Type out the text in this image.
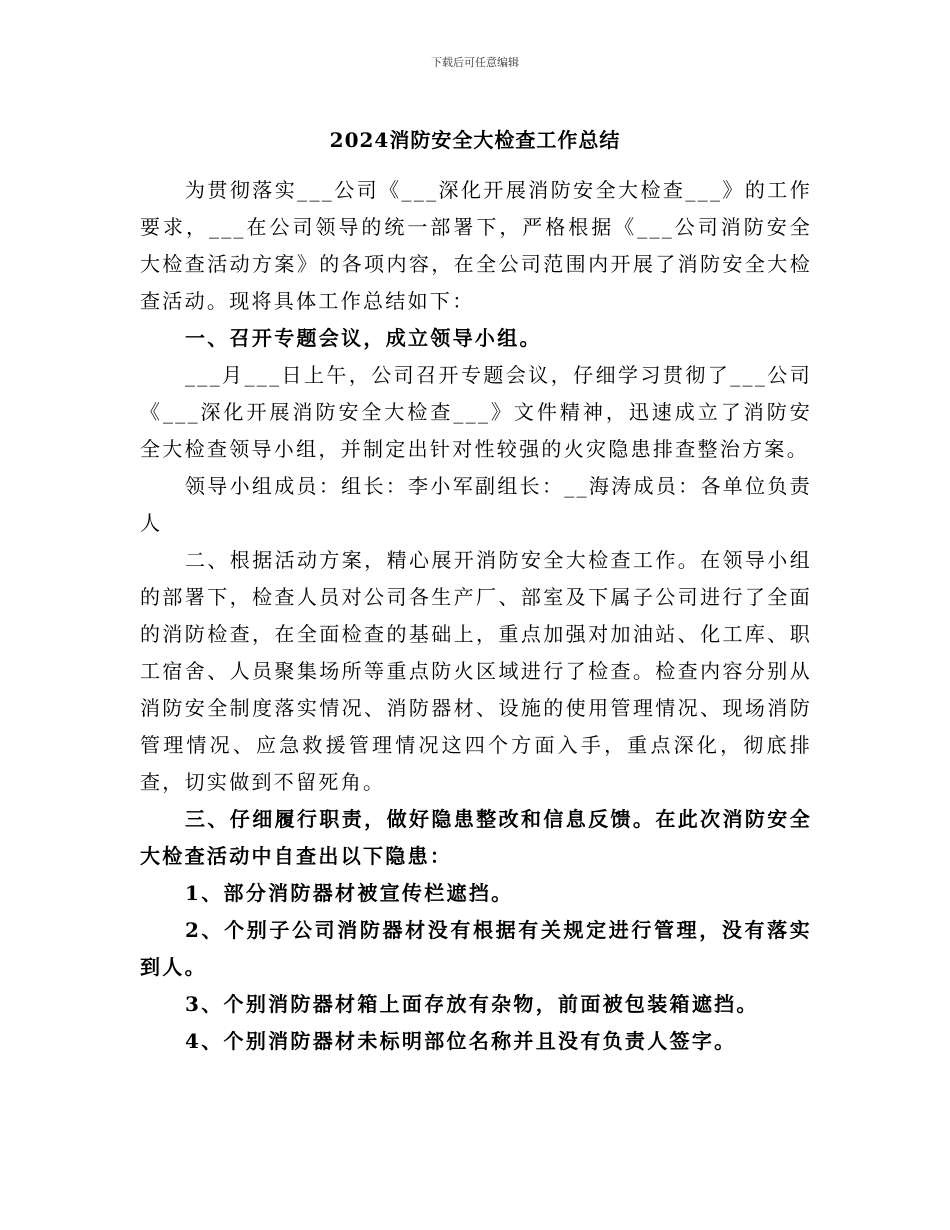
下载后可任意编辑
2024消防安全大检查工作总结

为贯彻落实___公司《___深化开展消防安全大检查___》的工作要求，___在公司领导的统一部署下，严格根据《___公司消防安全大检查活动方案》的各项内容，在全公司范围内开展了消防安全大检查活动。现将具体工作总结如下：

一、召开专题会议，成立领导小组。

___月___日上午，公司召开专题会议，仔细学习贯彻了___公司《___深化开展消防安全大检查___》文件精神，迅速成立了消防安全大检查领导小组，并制定出针对性较强的火灾隐患排查整治方案。

领导小组成员：组长：李小军副组长：__海涛成员：各单位负责人

二、根据活动方案，精心展开消防安全大检查工作。在领导小组的部署下，检查人员对公司各生产厂、部室及下属子公司进行了全面的消防检查，在全面检查的基础上，重点加强对加油站、化工库、职工宿舍、人员聚集场所等重点防火区域进行了检查。检查内容分别从消防安全制度落实情况、消防器材、设施的使用管理情况、现场消防管理情况、应急救援管理情况这四个方面入手，重点深化，彻底排查，切实做到不留死角。

三、仔细履行职责，做好隐患整改和信息反馈。在此次消防安全大检查活动中自查出以下隐患：

1、部分消防器材被宣传栏遮挡。

2、个别子公司消防器材没有根据有关规定进行管理，没有落实到人。

3、个别消防器材箱上面存放有杂物，前面被包装箱遮挡。

4、个别消防器材未标明部位名称并且没有负责人签字。
